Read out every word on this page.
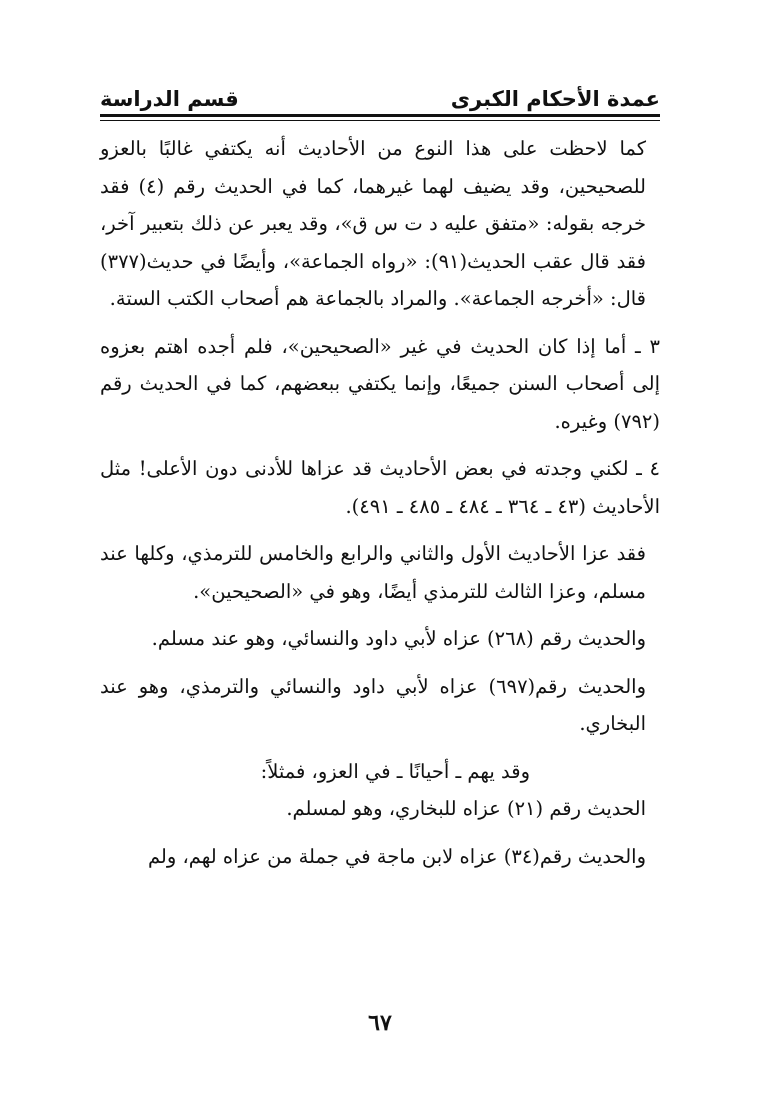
عمدة الأحكام الكبرى
قسم الدراسة

كما لاحظت على هذا النوع من الأحاديث أنه يكتفي غالبًا بالعزو للصحيحين، وقد يضيف لهما غيرهما، كما في الحديث رقم (٤) فقد خرجه بقوله: «متفق عليه د ت س ق»، وقد يعبر عن ذلك بتعبير آخر، فقد قال عقب الحديث(٩١): «رواه الجماعة»، وأيضًا في حديث(٣٧٧) قال: «أخرجه الجماعة». والمراد بالجماعة هم أصحاب الكتب الستة.

٣ ـ أما إذا كان الحديث في غير «الصحيحين»، فلم أجده اهتم بعزوه إلى أصحاب السنن جميعًا، وإنما يكتفي ببعضهم، كما في الحديث رقم (٧٩٢) وغيره.

٤ ـ لكني وجدته في بعض الأحاديث قد عزاها للأدنى دون الأعلى! مثل الأحاديث (٤٣ ـ ٣٦٤ ـ ٤٨٤ ـ ٤٨٥ ـ ٤٩١).

فقد عزا الأحاديث الأول والثاني والرابع والخامس للترمذي، وكلها عند مسلم، وعزا الثالث للترمذي أيضًا، وهو في «الصحيحين».

والحديث رقم (٢٦٨) عزاه لأبي داود والنسائي، وهو عند مسلم.

والحديث رقم(٦٩٧) عزاه لأبي داود والنسائي والترمذي، وهو عند البخاري.

وقد يهم ـ أحيانًا ـ في العزو، فمثلاً:

الحديث رقم (٢١) عزاه للبخاري، وهو لمسلم.

والحديث رقم(٣٤) عزاه لابن ماجة في جملة من عزاه لهم، ولم

٦٧
